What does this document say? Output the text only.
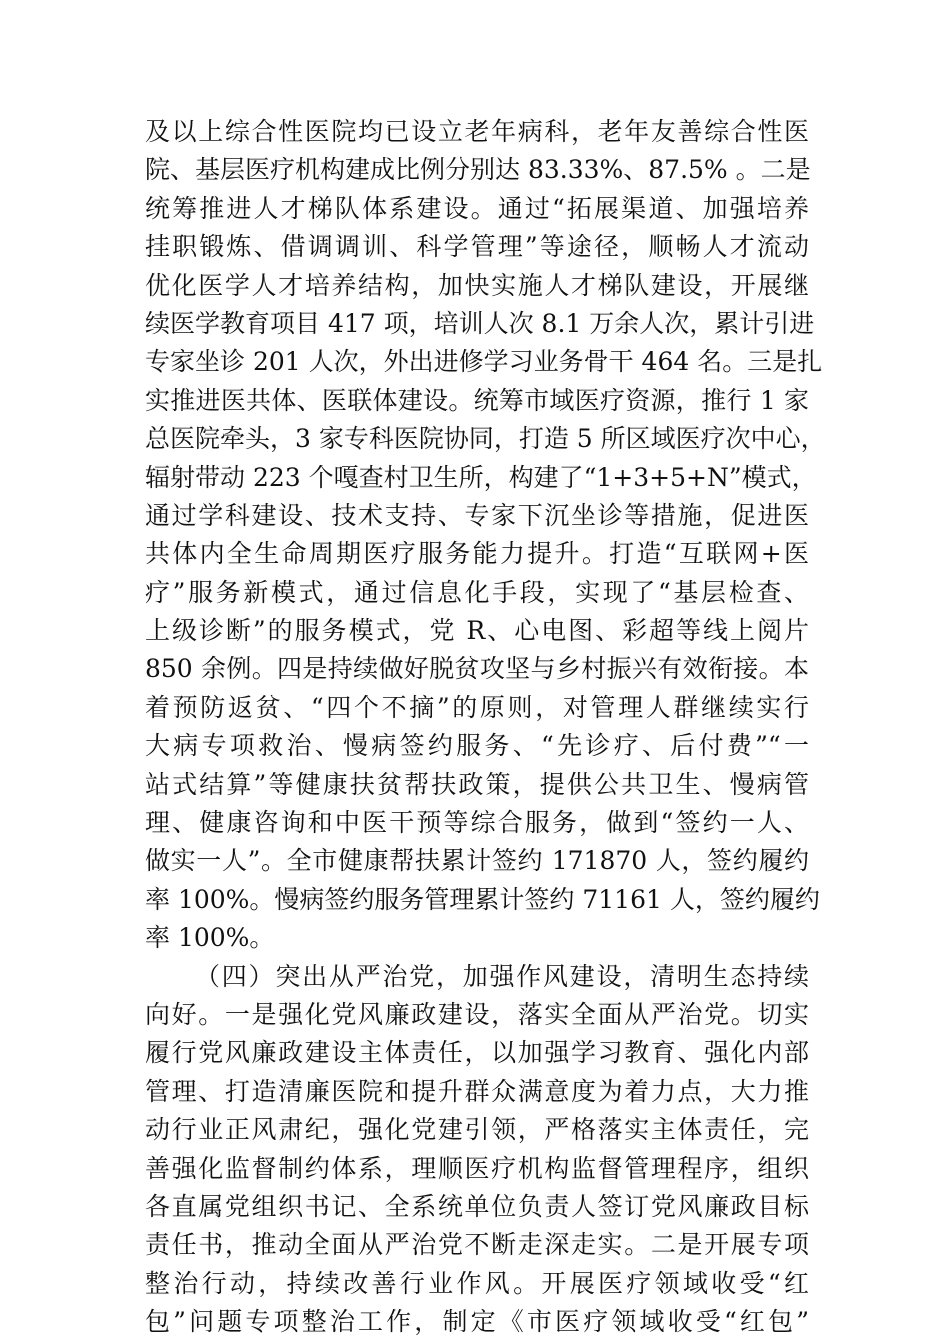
及以上综合性医院均已设立老年病科，老年友善综合性医
院、基层医疗机构建成比例分别达 83.33%、87.5% 。二是
统筹推进人才梯队体系建设。通过“拓展渠道、加强培养
挂职锻炼、借调调训、科学管理”等途径，顺畅人才流动
优化医学人才培养结构，加快实施人才梯队建设，开展继
续医学教育项目 417 项，培训人次 8.1 万余人次，累计引进
专家坐诊 201 人次，外出进修学习业务骨干 464 名。三是扎
实推进医共体、医联体建设。统筹市域医疗资源，推行 1 家
总医院牵头，3 家专科医院协同，打造 5 所区域医疗次中心，
辐射带动 223 个嘎查村卫生所，构建了“1+3+5+N”模式，
通过学科建设、技术支持、专家下沉坐诊等措施，促进医
共体内全生命周期医疗服务能力提升。打造“互联网+医
疗”服务新模式，通过信息化手段，实现了“基层检查、
上级诊断”的服务模式，党 R、心电图、彩超等线上阅片
850 余例。四是持续做好脱贫攻坚与乡村振兴有效衔接。本
着预防返贫、“四个不摘”的原则，对管理人群继续实行
大病专项救治、慢病签约服务、“先诊疗、后付费”“一
站式结算”等健康扶贫帮扶政策，提供公共卫生、慢病管
理、健康咨询和中医干预等综合服务，做到“签约一人、
做实一人”。全市健康帮扶累计签约 171870 人，签约履约
率 100%。慢病签约服务管理累计签约 71161 人，签约履约
率 100%。
（四）突出从严治党，加强作风建设，清明生态持续
向好。一是强化党风廉政建设，落实全面从严治党。切实
履行党风廉政建设主体责任，以加强学习教育、强化内部
管理、打造清廉医院和提升群众满意度为着力点，大力推
动行业正风肃纪，强化党建引领，严格落实主体责任，完
善强化监督制约体系，理顺医疗机构监督管理程序，组织
各直属党组织书记、全系统单位负责人签订党风廉政目标
责任书，推动全面从严治党不断走深走实。二是开展专项
整治行动，持续改善行业作风。开展医疗领域收受“红
包”问题专项整治工作，制定《市医疗领域收受“红包”
